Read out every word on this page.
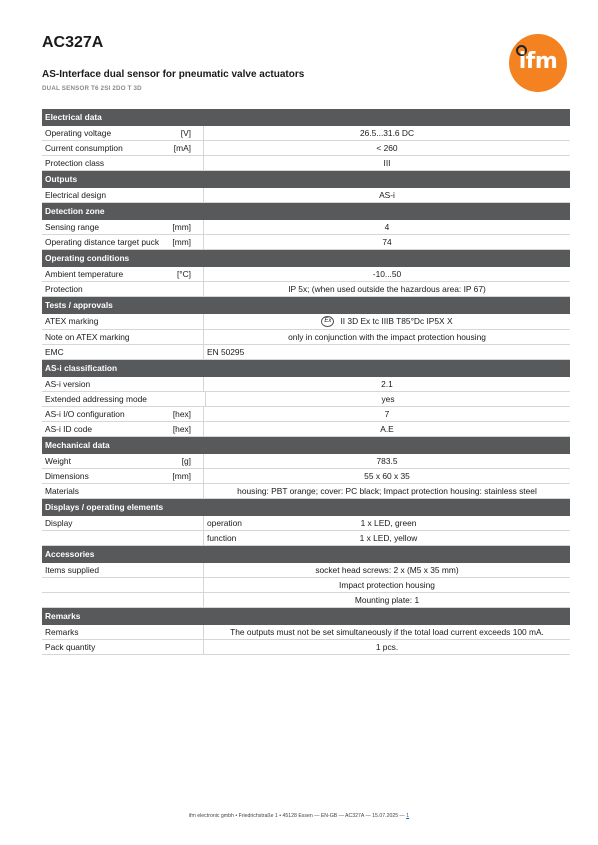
AC327A
AS-Interface dual sensor for pneumatic valve actuators
DUAL SENSOR T6 2SI 2DO T 3D
ifm
Electrical data
Operating voltage	[V]	26.5...31.6 DC
Current consumption	[mA]	< 260
Protection class	III
Outputs
Electrical design	AS-i
Detection zone
Sensing range	[mm]	4
Operating distance target puck	[mm]	74
Operating conditions
Ambient temperature	[°C]	-10...50
Protection	IP 5x; (when used outside the hazardous area: IP 67)
Tests / approvals
ATEX marking	Ex II 3D Ex tc IIIB T85°Dc IP5X X
Note on ATEX marking	only in conjunction with the impact protection housing
EMC	EN 50295
AS-i classification
AS-i version	2.1
Extended addressing mode	yes
AS-i I/O configuration	[hex]	7
AS-i ID code	[hex]	A.E
Mechanical data
Weight	[g]	783.5
Dimensions	[mm]	55 x 60 x 35
Materials	housing: PBT orange; cover: PC black; Impact protection housing: stainless steel
Displays / operating elements
Display	operation	1 x LED, green
function	1 x LED, yellow
Accessories
Items supplied	socket head screws: 2 x (M5 x 35 mm)
Impact protection housing
Mounting plate: 1
Remarks
Remarks	The outputs must not be set simultaneously if the total load current exceeds 100 mA.
Pack quantity	1 pcs.
ifm electronic gmbh • Friedrichstraße 1 • 45128 Essen — EN-GB — AC327A — 15.07.2025 — 1
